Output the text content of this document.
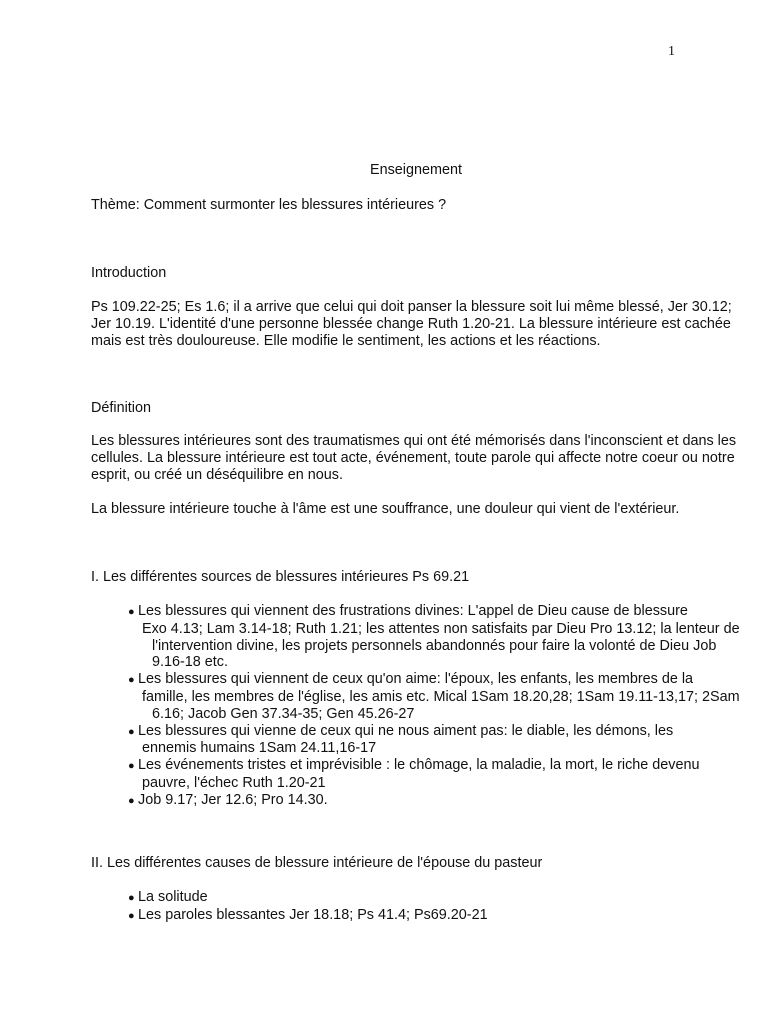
1
Enseignement

Thème: Comment surmonter les blessures intérieures ?

Introduction

Ps 109.22-25; Es 1.6; il a arrive que celui qui doit panser la blessure soit lui même blessé, Jer 30.12; Jer 10.19. L'identité d'une personne blessée change Ruth 1.20-21. La blessure intérieure est cachée mais est très douloureuse. Elle modifie le sentiment, les actions et les réactions.

Définition

Les blessures intérieures sont des traumatismes qui ont été mémorisés dans l'inconscient et dans les cellules. La blessure intérieure est tout acte, événement, toute parole qui affecte notre coeur ou notre esprit, ou créé un déséquilibre en nous.

La blessure intérieure touche à l'âme est une souffrance, une douleur qui vient de l'extérieur.

I. Les différentes sources de blessures intérieures Ps 69.21

● Les blessures qui viennent des frustrations divines: L'appel de Dieu cause de blessure
Exo 4.13; Lam 3.14-18; Ruth 1.21; les attentes non satisfaits par Dieu Pro 13.12; la lenteur de l'intervention divine, les projets personnels abandonnés pour faire la volonté de Dieu Job 9.16-18 etc.
● Les blessures qui viennent de ceux qu'on aime: l'époux, les enfants, les membres de la
famille, les membres de l'église, les amis etc. Mical 1Sam 18.20,28; 1Sam 19.11-13,17; 2Sam 6.16; Jacob Gen 37.34-35; Gen 45.26-27
● Les blessures qui vienne de ceux qui ne nous aiment pas: le diable, les démons, les
ennemis humains 1Sam 24.11,16-17
● Les événements tristes et imprévisible : le chômage, la maladie, la mort, le riche devenu
pauvre, l'échec Ruth 1.20-21
● Job 9.17; Jer 12.6; Pro 14.30.

II. Les différentes causes de blessure intérieure de l'épouse du pasteur

● La solitude
● Les paroles blessantes Jer 18.18; Ps 41.4; Ps69.20-21
